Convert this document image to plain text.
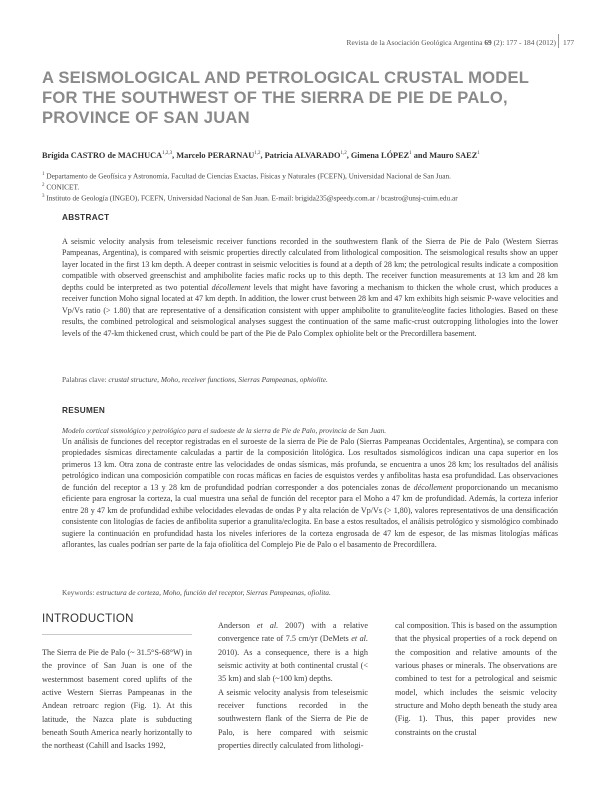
Revista de la Asociación Geológica Argentina 69 (2): 177 - 184 (2012) 177
A SEISMOLOGICAL AND PETROLOGICAL CRUSTAL MODEL FOR THE SOUTHWEST OF THE SIERRA DE PIE DE PALO, PROVINCE OF SAN JUAN
Brígida CASTRO de MACHUCA$^{1,2,3}$, Marcelo PERARNAU$^{1,2}$, Patricia ALVARADO$^{1,2}$, Gimena LÓPEZ$^1$ and Mauro SAEZ$^1$
$^1$ Departamento de Geofísica y Astronomía, Facultad de Ciencias Exactas, Físicas y Naturales (FCEFN), Universidad Nacional de San Juan.
$^2$ CONICET.
$^3$ Instituto de Geología (INGEO), FCEFN, Universidad Nacional de San Juan. E-mail: brigida235@speedy.com.ar / bcastro@unsj-cuim.edu.ar
ABSTRACT

A seismic velocity analysis from teleseismic receiver functions recorded in the southwestern flank of the Sierra de Pie de Palo (Western Sierras Pampeanas, Argentina), is compared with seismic properties directly calculated from lithological composition. The seismological results show an upper layer located in the first 13 km depth. A deeper contrast in seismic velocities is found at a depth of 28 km; the petrological results indicate a composition compatible with observed greenschist and amphibolite facies mafic rocks up to this depth. The receiver function measurements at 13 km and 28 km depths could be interpreted as two potential décollement levels that might have favoring a mechanism to thicken the whole crust, which produces a receiver function Moho signal located at 47 km depth. In addition, the lower crust between 28 km and 47 km exhibits high seismic P-wave velocities and Vp/Vs ratio (> 1.80) that are representative of a densification consistent with upper amphibolite to granulite/eoglite facies lithologies. Based on these results, the combined petrological and seismological analyses suggest the continuation of the same mafic-crust outcropping lithologies into the lower levels of the 47-km thickened crust, which could be part of the Pie de Palo Complex ophiolite belt or the Precordillera basement.

Palabras clave: crustal structure, Moho, receiver functions, Sierras Pampeanas, ophiolite.
RESUMEN
Modelo cortical sismológico y petrológico para el sudoeste de la sierra de Pie de Palo, provincia de San Juan.

Un análisis de funciones del receptor registradas en el suroeste de la sierra de Pie de Palo (Sierras Pampeanas Occidentales, Argentina), se compara con propiedades sísmicas directamente calculadas a partir de la composición litológica. Los resultados sismológicos indican una capa superior en los primeros 13 km. Otra zona de contraste entre las velocidades de ondas sísmicas, más profunda, se encuentra a unos 28 km; los resultados del análisis petrológico indican una composición compatible con rocas máficas en facies de esquistos verdes y anfibolitas hasta esa profundidad. Las observaciones de función del receptor a 13 y 28 km de profundidad podrían corresponder a dos potenciales zonas de décollement proporcionando un mecanismo eficiente para engrosar la corteza, la cual muestra una señal de función del receptor para el Moho a 47 km de profundidad. Además, la corteza inferior entre 28 y 47 km de profundidad exhibe velocidades elevadas de ondas P y alta relación de Vp/Vs (> 1,80), valores representativos de una densificación consistente con litologías de facies de anfibolita superior a granulita/eclogita. En base a estos resultados, el análisis petrológico y sismológico combinado sugiere la continuación en profundidad hasta los niveles inferiores de la corteza engrosada de 47 km de espesor, de las mismas litologías máficas aflorantes, las cuales podrían ser parte de la faja ofiolítica del Complejo Pie de Palo o el basamento de Precordillera.

Keywords: estructura de corteza, Moho, función del receptor, Sierras Pampeanas, ofiolita.
INTRODUCTION

The Sierra de Pie de Palo (~ 31.5°S-68°W) in the province of San Juan is one of the westernmost basement cored uplifts of the active Western Sierras Pampeanas in the Andean retroarc region (Fig. 1). At this latitude, the Nazca plate is subducting beneath South America nearly horizontally to the northeast (Cahill and Isacks 1992,

Anderson et al. 2007) with a relative convergence rate of 7.5 cm/yr (DeMets et al. 2010). As a consequence, there is a high seismic activity at both continental crustal (< 35 km) and slab (~100 km) depths.

A seismic velocity analysis from teleseismic receiver functions recorded in the southwestern flank of the Sierra de Pie de Palo, is here compared with seismic properties directly calculated from lithologi-

cal composition. This is based on the assumption that the physical properties of a rock depend on the composition and relative amounts of the various phases or minerals. The observations are combined to test for a petrological and seismic model, which includes the seismic velocity structure and Moho depth beneath the study area (Fig. 1). Thus, this paper provides new constraints on the crustal
